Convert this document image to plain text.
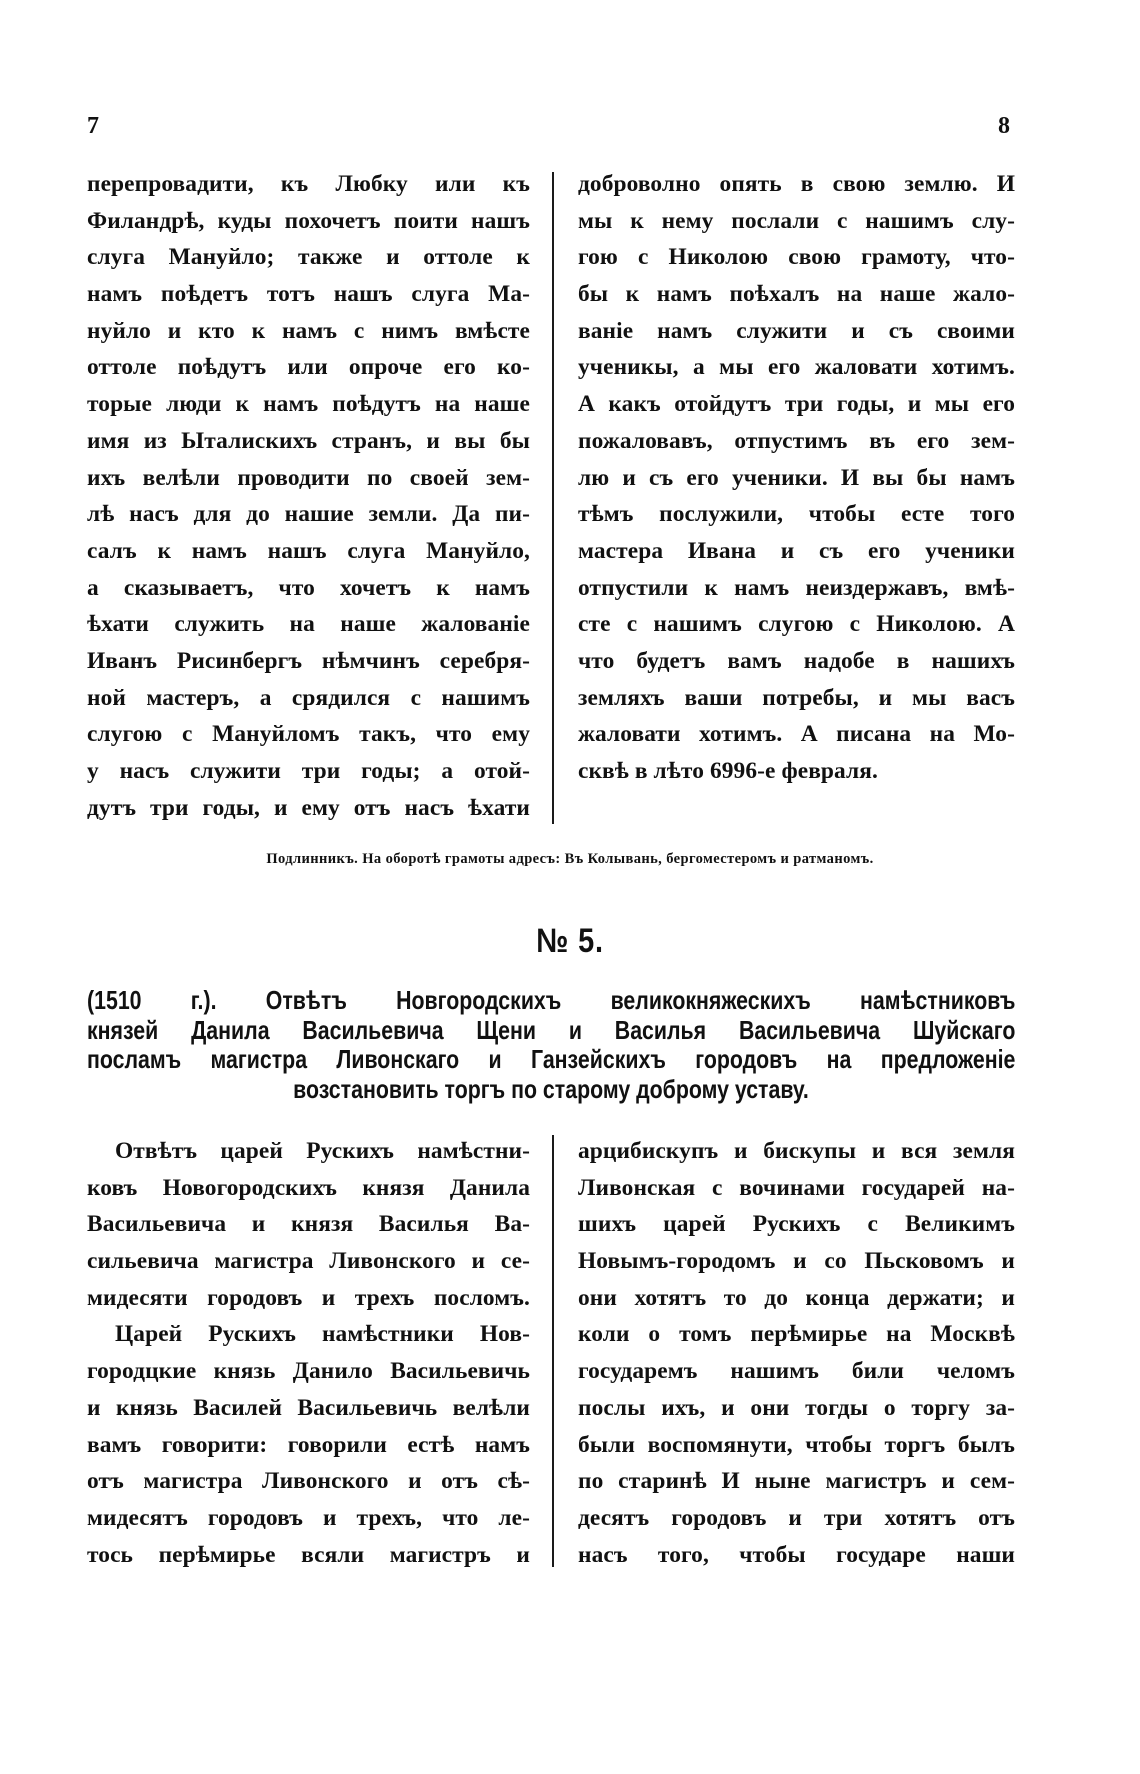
7	8
перепровадити, къ Любку или къ
Филандрѣ, куды похочетъ поити нашъ
слуга Мануйло; также и оттоле к
намъ поѣдетъ тотъ нашъ слуга Ма-
нуйло и кто к намъ с нимъ вмѣсте
оттоле поѣдутъ или опроче его ко-
торые люди к намъ поѣдутъ на наше
имя из Ыталискихъ странъ, и вы бы
ихъ велѣли проводити по своей зем-
лѣ насъ для до нашие земли. Да пи-
салъ к намъ нашъ слуга Мануйло,
а сказываетъ, что хочетъ к намъ
ѣхати служить на наше жалованіе
Иванъ Рисинбергъ нѣмчинъ серебря-
ной мастеръ, а срядился с нашимъ
слугою с Мануйломъ такъ, что ему
у насъ служити три годы; а отой-
дутъ три годы, и ему отъ насъ ѣхати
доброволно опять в свою землю. И
мы к нему послали с нашимъ слу-
гою с Николою свою грамоту, что-
бы к намъ поѣхалъ на наше жало-
ваніе намъ служити и съ своими
ученикы, а мы его жаловати хотимъ.
А какъ отойдутъ три годы, и мы его
пожаловавъ, отпустимъ въ его зем-
лю и съ его ученики. И вы бы намъ
тѣмъ послужили, чтобы есте того
мастера Ивана и съ его ученики
отпустили к намъ неиздержавъ, вмѣ-
сте с нашимъ слугою с Николою. А
что будетъ вамъ надобе в нашихъ
земляхъ ваши потребы, и мы васъ
жаловати хотимъ. А писана на Мо-
сквѣ в лѣто 6996-е февраля.
Подлинникъ. На оборотѣ грамоты адресъ: Въ Колывань, бергоместеромъ и ратманомъ.
№ 5.
(1510 г.). Отвѣтъ Новгородскихъ великокняжескихъ намѣстниковъ
князей Данила Васильевича Щени и Василья Васильевича Шуйскаго
посламъ магистра Ливонскаго и Ганзейскихъ городовъ на предложеніе
возстановить торгъ по старому доброму уставу.
Отвѣтъ царей Рускихъ намѣстни-
ковъ Новогородскихъ князя Данила
Васильевича и князя Василья Ва-
сильевича магистра Ливонского и се-
мидесяти городовъ и трехъ посломъ.
Царей Рускихъ намѣстники Нов-
городцкие князь Данило Васильевичь
и князь Василей Васильевичь велѣли
вамъ говорити: говорили естѣ намъ
отъ магистра Ливонского и отъ сѣ-
мидесятъ городовъ и трехъ, что ле-
тось перѣмирье всяли магистръ и
арцибискупъ и бискупы и вся земля
Ливонская с вочинами государей на-
шихъ царей Рускихъ с Великимъ
Новымъ-городомъ и со Пьсковомъ и
они хотятъ то до конца держати; и
коли о томъ перѣмирье на Москвѣ
государемъ нашимъ били челомъ
послы ихъ, и они тогды о торгу за-
были воспомянути, чтобы торгъ былъ
по старинѣ И ныне магистръ и сем-
десятъ городовъ и три хотятъ отъ
насъ того, чтобы государе наши
